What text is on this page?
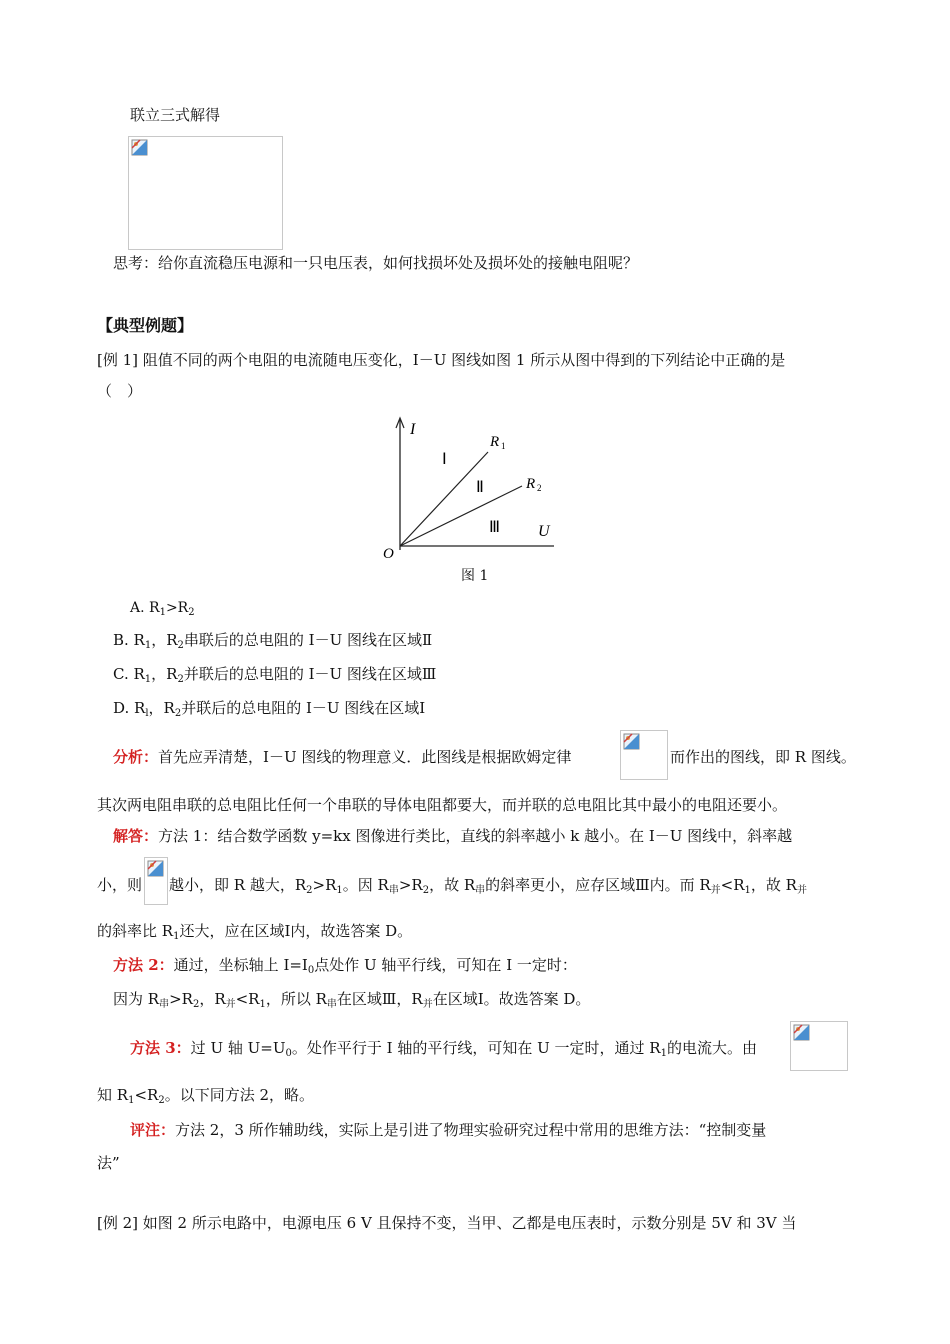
联立三式解得
思考：给你直流稳压电源和一只电压表，如何找损坏处及损坏处的接触电阻呢？
【典型例题】
[例 1] 阻值不同的两个电阻的电流随电压变化，I－U 图线如图 1 所示从图中得到的下列结论中正确的是
（　）
I
U
O
R 1
R 2
Ⅰ
Ⅱ
Ⅲ
图 1
A. $R_1>R_2$
B. $R_1$，$R_2$串联后的总电阻的 I－U 图线在区域Ⅱ
C. $R_1$，$R_2$并联后的总电阻的 I－U 图线在区域Ⅲ
D. $R_l$，$R_2$并联后的总电阻的 I－U 图线在区域Ⅰ
分析：首先应弄清楚，I－U 图线的物理意义．此图线是根据欧姆定律	而作出的图线，即 R 图线。
其次两电阻串联的总电阻比任何一个串联的导体电阻都要大，而并联的总电阻比其中最小的电阻还要小。
解答：方法 1：结合数学函数 y=kx 图像进行类比，直线的斜率越小 k 越小。在 I－U 图线中，斜率越
小，则 越小，即 R 越大，$R_2>R_1$。因 $R_串>R_2$，故 $R_串$的斜率更小，应存区域Ⅲ内。而 $R_并<R_1$，故 $R_并$
的斜率比 $R_1$还大，应在区域Ⅰ内，故选答案 D。
方法 2：通过，坐标轴上 $I=I_0$点处作 U 轴平行线，可知在 I 一定时：
因为 $R_串>R_2$，$R_并<R_1$，所以 $R_串$在区域Ⅲ，$R_并$在区域Ⅰ。故选答案 D。
方法 3：过 U 轴 $U=U_0$。处作平行于 I 轴的平行线，可知在 U 一定时，通过 $R_1$的电流大。由
知 $R_1<R_2$。以下同方法 2，略。
评注：方法 2，3 所作辅助线，实际上是引进了物理实验研究过程中常用的思维方法：“控制变量
法”
[例 2] 如图 2 所示电路中，电源电压 6 V 且保持不变，当甲、乙都是电压表时，示数分别是 5V 和 3V 当
